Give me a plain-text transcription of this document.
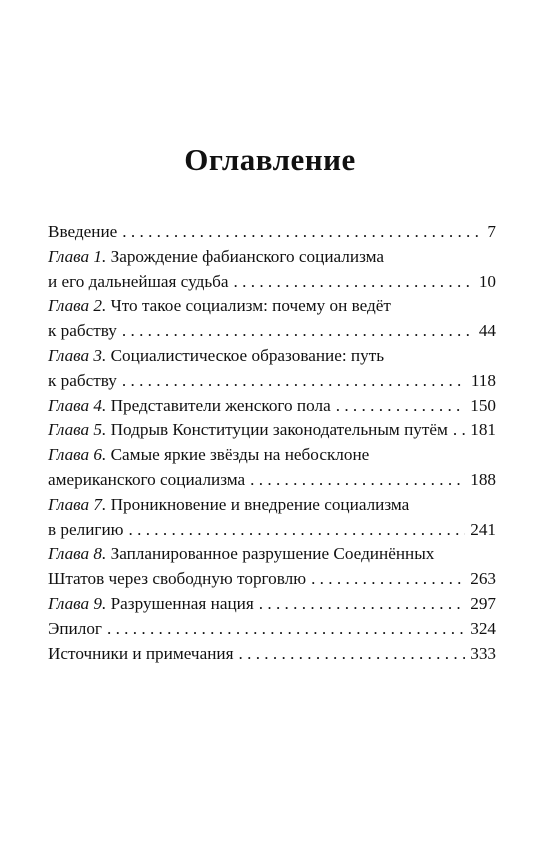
Оглавление
Введение . . .	7
Глава 1. Зарождение фабианского социализма
и его дальнейшая судьба . . .	10
Глава 2. Что такое социализм: почему он ведёт
к рабству . . .	44
Глава 3. Социалистическое образование: путь
к рабству . . .	118
Глава 4. Представители женского пола . . .	150
Глава 5. Подрыв Конституции законодательным путём . . . 181
Глава 6. Самые яркие звёзды на небосклоне
американского социализма . . .	188
Глава 7. Проникновение и внедрение социализма
в религию . . .	241
Глава 8. Запланированное разрушение Соединённых
Штатов через свободную торговлю . . .	263
Глава 9. Разрушенная нация . . .	297
Эпилог . . .	324
Источники и примечания . . .	333
